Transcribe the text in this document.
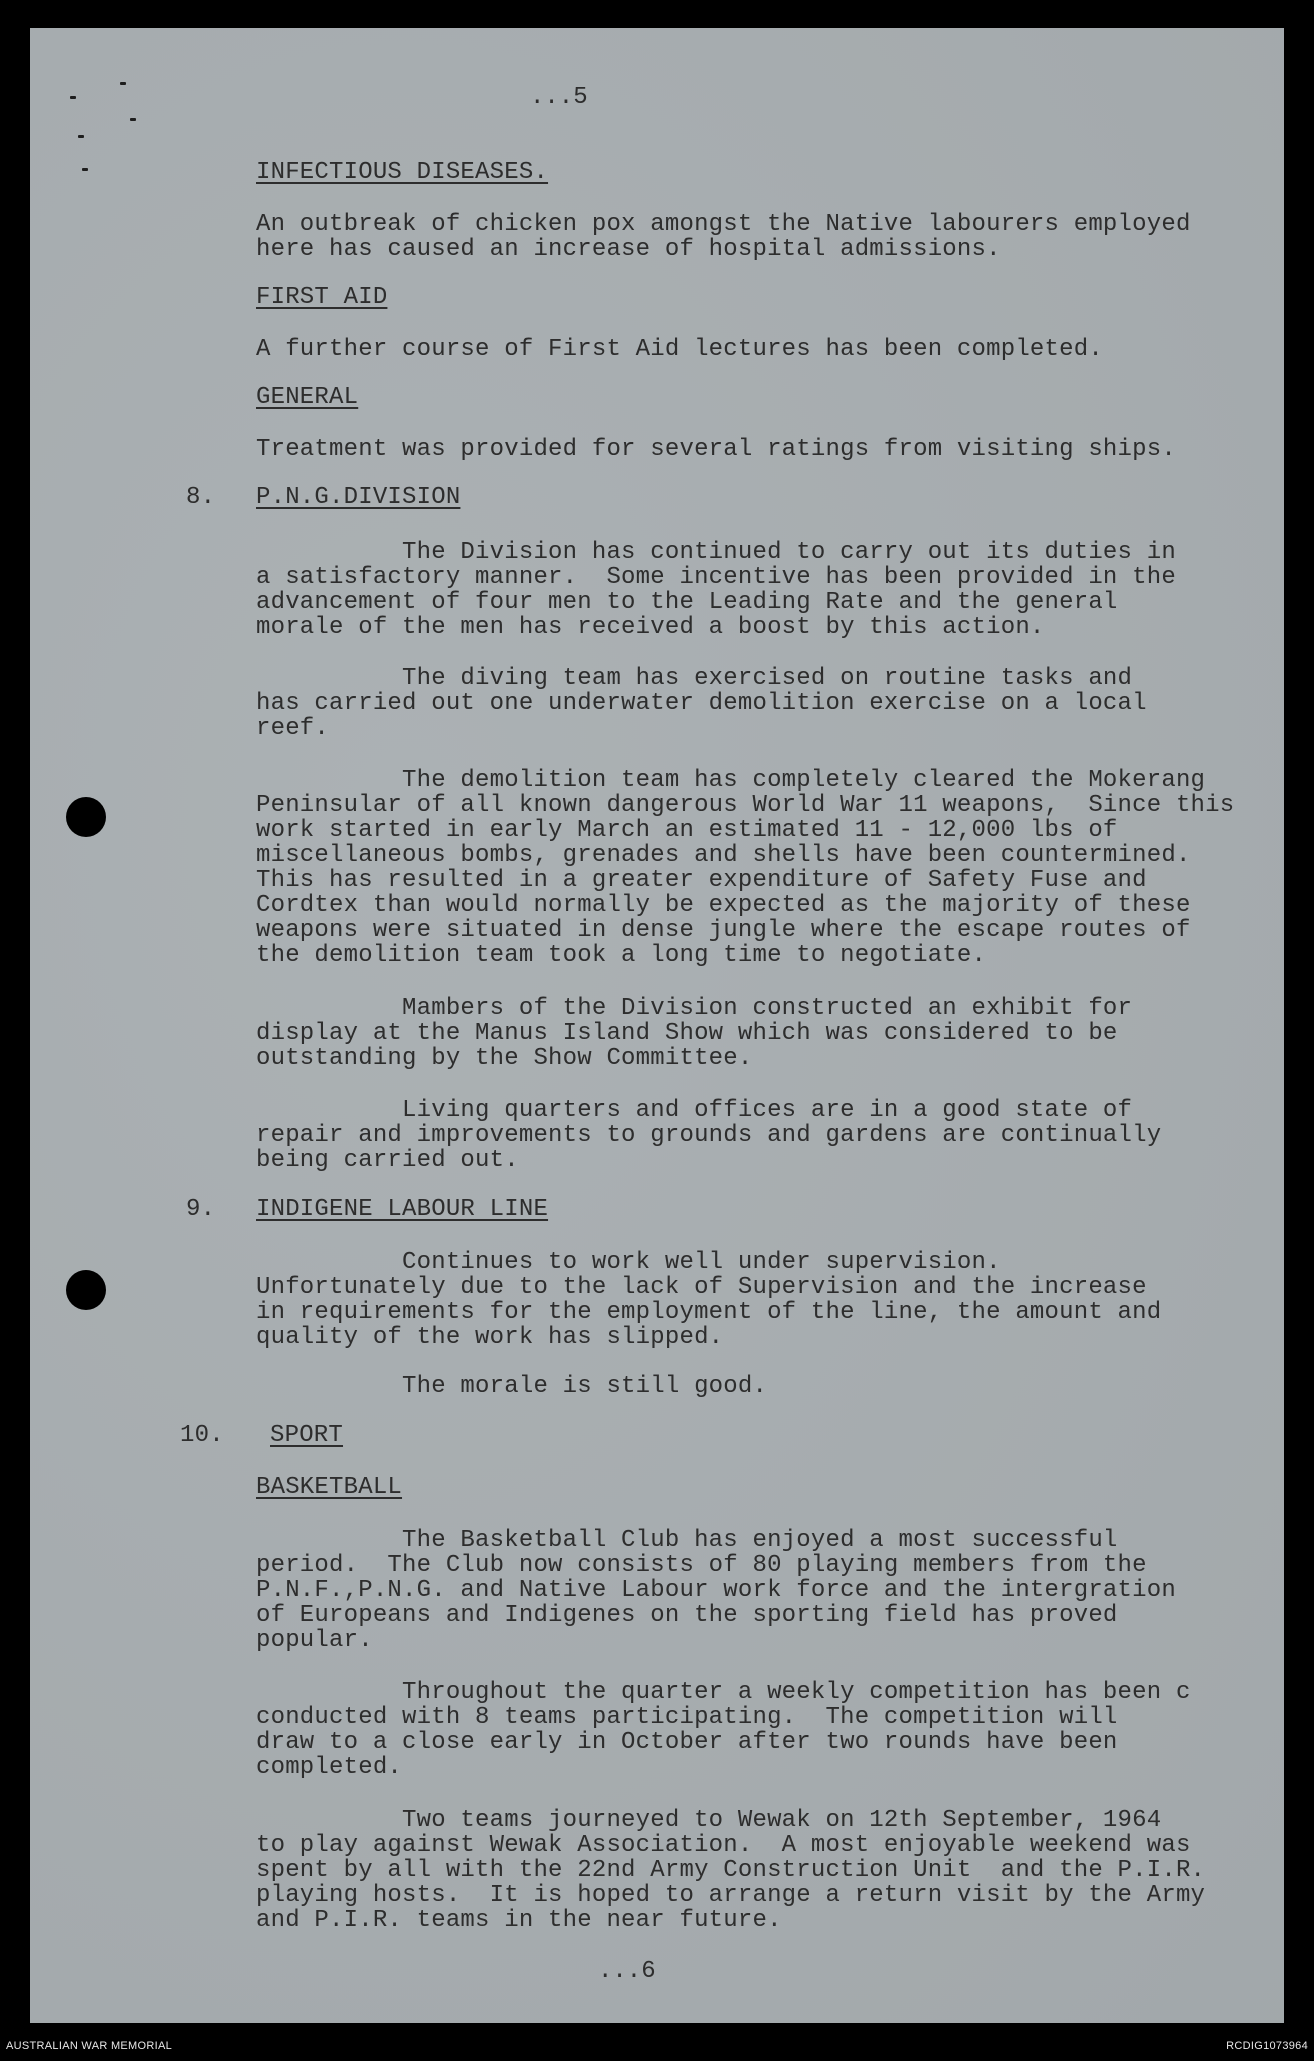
...5
INFECTIOUS DISEASES.
An outbreak of chicken pox amongst the Native labourers employed
here has caused an increase of hospital admissions.
FIRST AID
A further course of First Aid lectures has been completed.
GENERAL
Treatment was provided for several ratings from visiting ships.
8. P.N.G.DIVISION
The Division has continued to carry out its duties in
a satisfactory manner.  Some incentive has been provided in the
advancement of four men to the Leading Rate and the general
morale of the men has received a boost by this action.
The diving team has exercised on routine tasks and
has carried out one underwater demolition exercise on a local
reef.
The demolition team has completely cleared the Mokerang
Peninsular of all known dangerous World War 11 weapons,  Since this
work started in early March an estimated 11 - 12,000 lbs of
miscellaneous bombs, grenades and shells have been countermined.
This has resulted in a greater expenditure of Safety Fuse and
Cordtex than would normally be expected as the majority of these
weapons were situated in dense jungle where the escape routes of
the demolition team took a long time to negotiate.
Mambers of the Division constructed an exhibit for
display at the Manus Island Show which was considered to be
outstanding by the Show Committee.
Living quarters and offices are in a good state of
repair and improvements to grounds and gardens are continually
being carried out.
9. INDIGENE LABOUR LINE
Continues to work well under supervision.
Unfortunately due to the lack of Supervision and the increase
in requirements for the employment of the line, the amount and
quality of the work has slipped.
The morale is still good.
10. SPORT
BASKETBALL
The Basketball Club has enjoyed a most successful
period.  The Club now consists of 80 playing members from the
P.N.F.,P.N.G. and Native Labour work force and the intergration
of Europeans and Indigenes on the sporting field has proved
popular.
Throughout the quarter a weekly competition has been c
conducted with 8 teams participating.  The competition will
draw to a close early in October after two rounds have been
completed.
Two teams journeyed to Wewak on 12th September, 1964
to play against Wewak Association.  A most enjoyable weekend was
spent by all with the 22nd Army Construction Unit  and the P.I.R.
playing hosts.  It is hoped to arrange a return visit by the Army
and P.I.R. teams in the near future.
...6
AUSTRALIAN WAR MEMORIAL	RCDIG1073964
